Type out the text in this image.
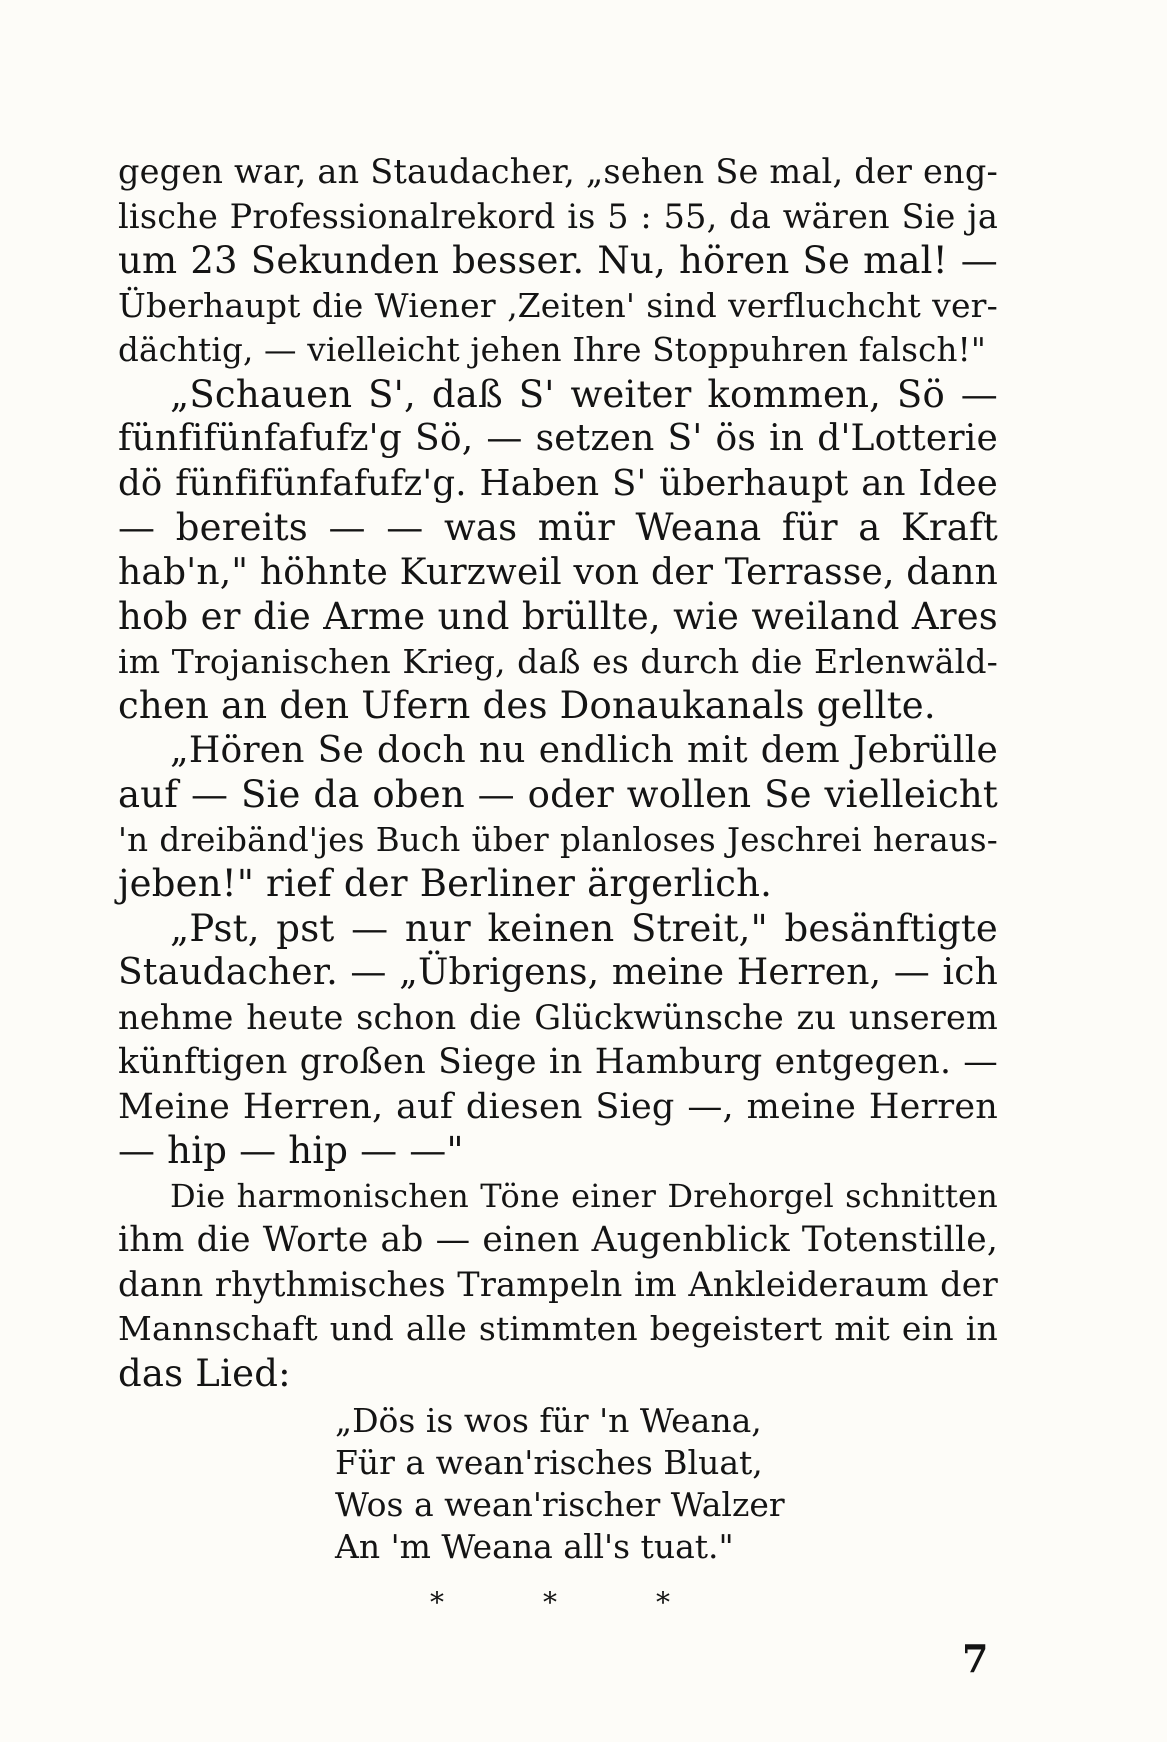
gegen war, an Staudacher, „sehen Se mal, der eng-
lische Professionalrekord is 5 : 55, da wären Sie ja
um 23 Sekunden besser. Nu, hören Se mal! —
Überhaupt die Wiener ‚Zeiten' sind verfluchcht ver-
dächtig, — vielleicht jehen Ihre Stoppuhren falsch!"
„Schauen S', daß S' weiter kommen, Sö —
fünfifünfafufz'g Sö, — setzen S' ös in d'Lotterie
dö fünfifünfafufz'g. Haben S' überhaupt an Idee
— bereits — — was mür Weana für a Kraft
hab'n," höhnte Kurzweil von der Terrasse, dann
hob er die Arme und brüllte, wie weiland Ares
im Trojanischen Krieg, daß es durch die Erlenwäld-
chen an den Ufern des Donaukanals gellte.
„Hören Se doch nu endlich mit dem Jebrülle
auf — Sie da oben — oder wollen Se vielleicht
'n dreibänd'jes Buch über planloses Jeschrei heraus-
jeben!" rief der Berliner ärgerlich.
„Pst, pst — nur keinen Streit," besänftigte
Staudacher. — „Übrigens, meine Herren, — ich
nehme heute schon die Glückwünsche zu unserem
künftigen großen Siege in Hamburg entgegen. —
Meine Herren, auf diesen Sieg —, meine Herren
— hip — hip — —"
Die harmonischen Töne einer Drehorgel schnitten
ihm die Worte ab — einen Augenblick Totenstille,
dann rhythmisches Trampeln im Ankleideraum der
Mannschaft und alle stimmten begeistert mit ein in
das Lied:
„Dös is wos für 'n Weana,
Für a wean'risches Bluat,
Wos a wean'rischer Walzer
An 'm Weana all's tuat."
*	*	*
7
